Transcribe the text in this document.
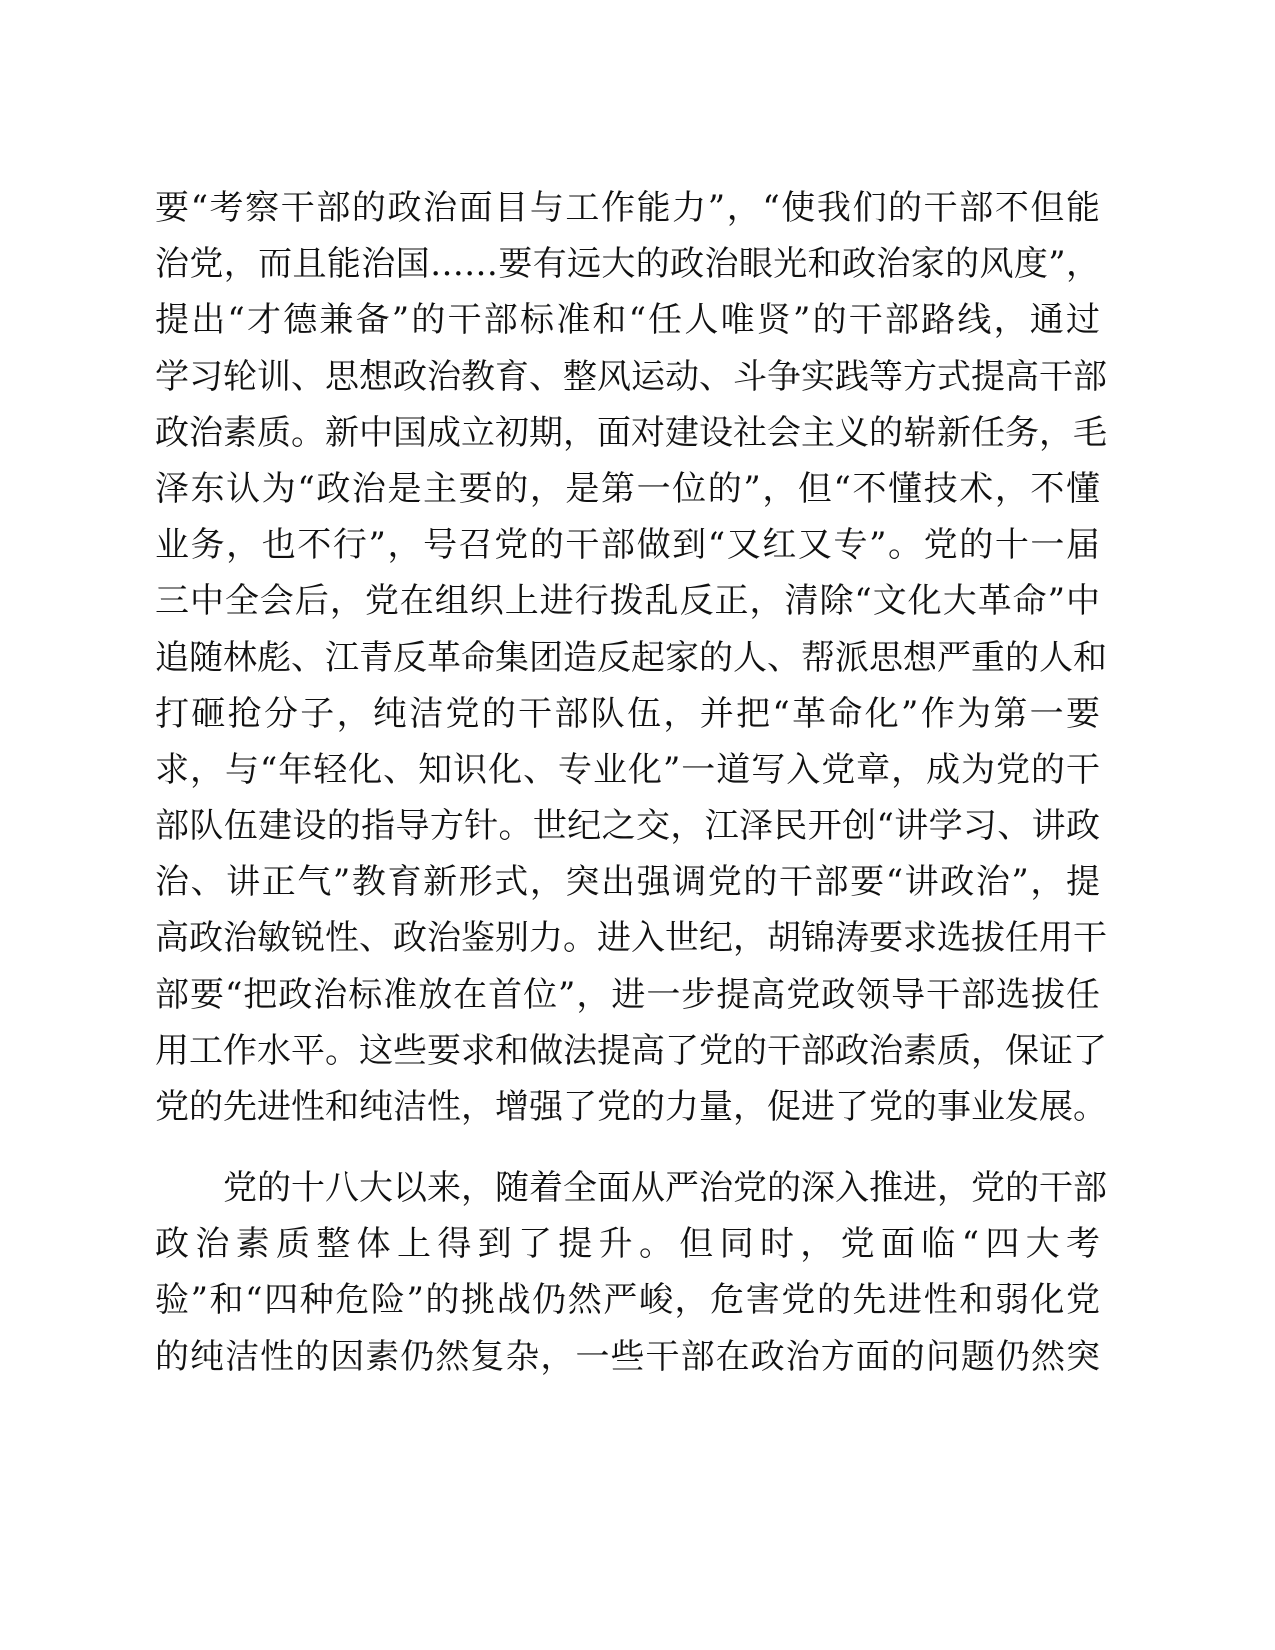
要“考察干部的政治面目与工作能力”，“使我们的干部不但能
治党，而且能治国……要有远大的政治眼光和政治家的风度”，
提出“才德兼备”的干部标准和“任人唯贤”的干部路线，通过
学习轮训、思想政治教育、整风运动、斗争实践等方式提高干部
政治素质。新中国成立初期，面对建设社会主义的崭新任务，毛
泽东认为“政治是主要的，是第一位的”，但“不懂技术，不懂
业务，也不行”，号召党的干部做到“又红又专”。党的十一届
三中全会后，党在组织上进行拨乱反正，清除“文化大革命”中
追随林彪、江青反革命集团造反起家的人、帮派思想严重的人和
打砸抢分子，纯洁党的干部队伍，并把“革命化”作为第一要
求，与“年轻化、知识化、专业化”一道写入党章，成为党的干
部队伍建设的指导方针。世纪之交，江泽民开创“讲学习、讲政
治、讲正气”教育新形式，突出强调党的干部要“讲政治”，提
高政治敏锐性、政治鉴别力。进入世纪，胡锦涛要求选拔任用干
部要“把政治标准放在首位”，进一步提高党政领导干部选拔任
用工作水平。这些要求和做法提高了党的干部政治素质，保证了
党的先进性和纯洁性，增强了党的力量，促进了党的事业发展。
党的十八大以来，随着全面从严治党的深入推进，党的干部
政治素质整体上得到了提升。但同时，党面临“四大考
验”和“四种危险”的挑战仍然严峻，危害党的先进性和弱化党
的纯洁性的因素仍然复杂，一些干部在政治方面的问题仍然突
